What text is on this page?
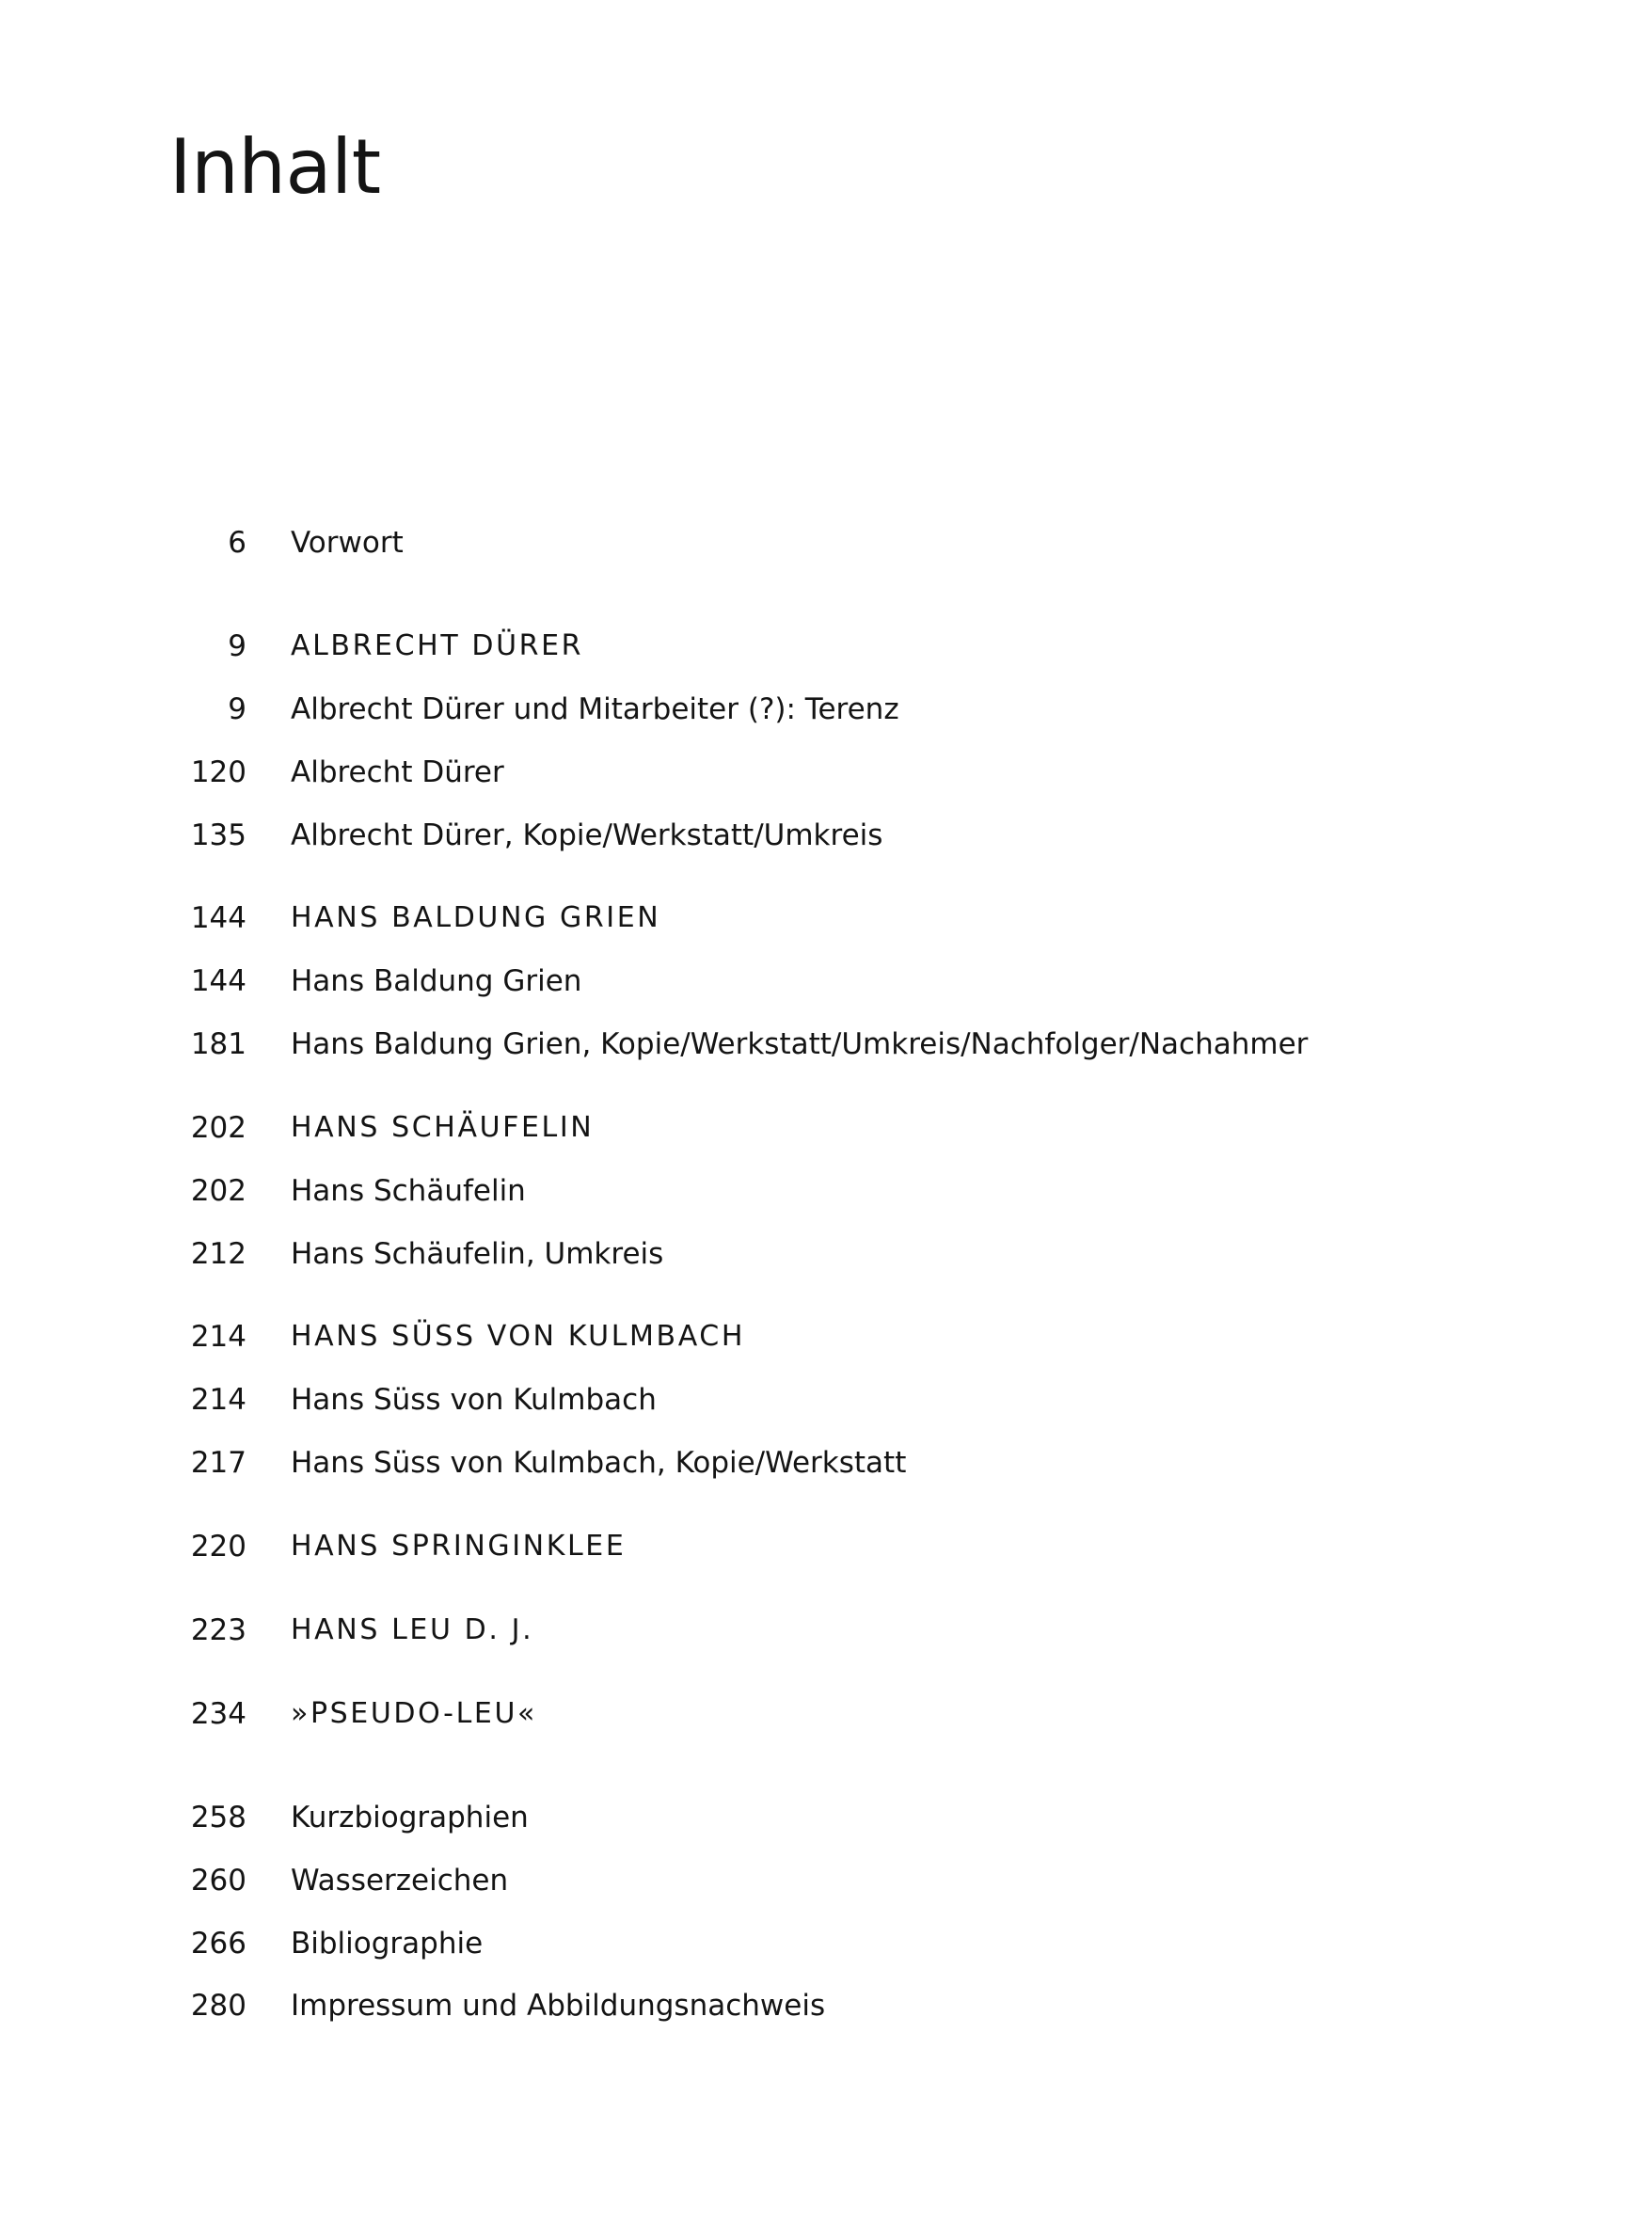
Inhalt
6 Vorwort
9 ALBRECHT DÜRER
9 Albrecht Dürer und Mitarbeiter (?): Terenz
120 Albrecht Dürer
135 Albrecht Dürer, Kopie/Werkstatt/Umkreis
144 HANS BALDUNG GRIEN
144 Hans Baldung Grien
181 Hans Baldung Grien, Kopie/Werkstatt/Umkreis/Nachfolger/Nachahmer
202 HANS SCHÄUFELIN
202 Hans Schäufelin
212 Hans Schäufelin, Umkreis
214 HANS SÜSS VON KULMBACH
214 Hans Süss von Kulmbach
217 Hans Süss von Kulmbach, Kopie/Werkstatt
220 HANS SPRINGINKLEE
223 HANS LEU D. J.
234 »PSEUDO-LEU«
258 Kurzbiographien
260 Wasserzeichen
266 Bibliographie
280 Impressum und Abbildungsnachweis
